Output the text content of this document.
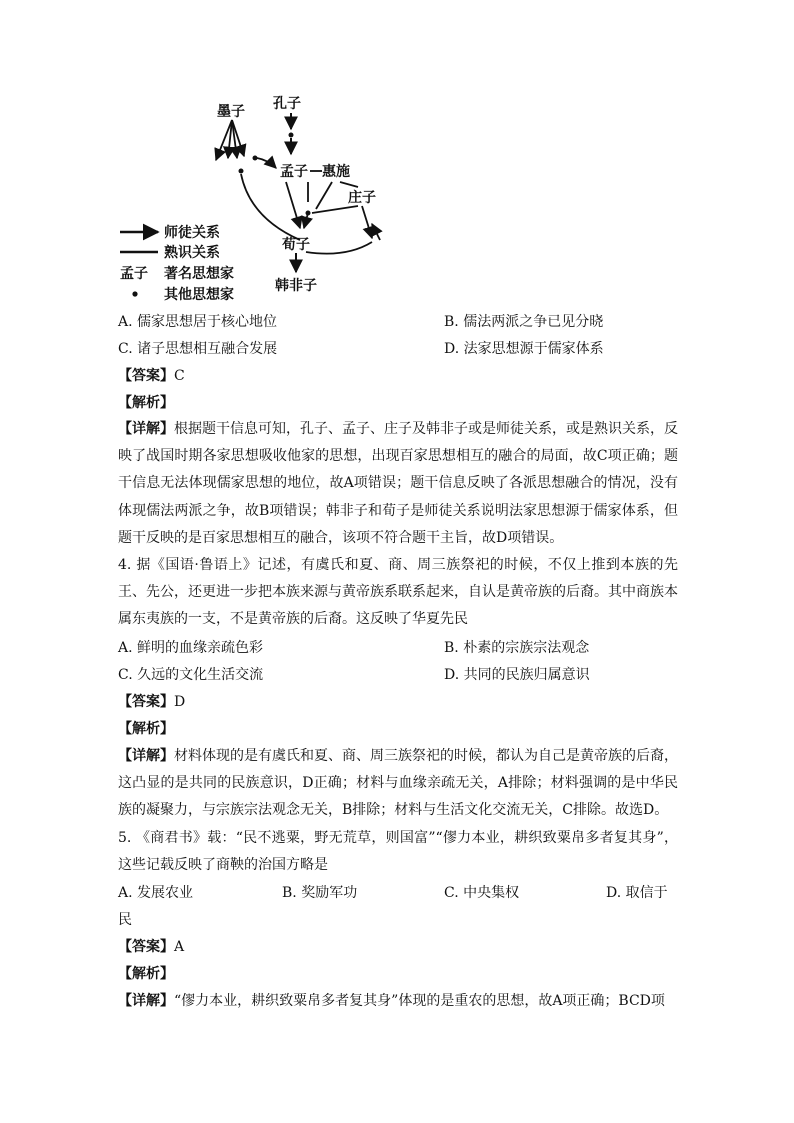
墨子 孔子
孟子 惠施
庄子
荀子
韩非子
师徒关系
熟识关系
孟子 著名思想家
其他思想家
A. 儒家思想居于核心地位	B. 儒法两派之争已见分晓
C. 诸子思想相互融合发展	D. 法家思想源于儒家体系
【答案】C
【解析】
【详解】根据题干信息可知，孔子、孟子、庄子及韩非子或是师徒关系，或是熟识关系，反映了战国时期各家思想吸收他家的思想，出现百家思想相互的融合的局面，故C项正确；题干信息无法体现儒家思想的地位，故A项错误；题干信息反映了各派思想融合的情况，没有体现儒法两派之争，故B项错误；韩非子和荀子是师徒关系说明法家思想源于儒家体系，但题干反映的是百家思想相互的融合，该项不符合题干主旨，故D项错误。
4. 据《国语·鲁语上》记述，有虞氏和夏、商、周三族祭祀的时候，不仅上推到本族的先王、先公，还更进一步把本族来源与黄帝族系联系起来，自认是黄帝族的后裔。其中商族本属东夷族的一支，不是黄帝族的后裔。这反映了华夏先民
A. 鲜明的血缘亲疏色彩	B. 朴素的宗族宗法观念
C. 久远的文化生活交流	D. 共同的民族归属意识
【答案】D
【解析】
【详解】材料体现的是有虞氏和夏、商、周三族祭祀的时候，都认为自己是黄帝族的后裔，这凸显的是共同的民族意识，D正确；材料与血缘亲疏无关，A排除；材料强调的是中华民族的凝聚力，与宗族宗法观念无关，B排除；材料与生活文化交流无关，C排除。故选D。
5. 《商君书》载：“民不逃粟，野无荒草，则国富”“僇力本业，耕织致粟帛多者复其身”，这些记载反映了商鞅的治国方略是
A. 发展农业	B. 奖励军功	C. 中央集权	D. 取信于
民
【答案】A
【解析】
【详解】“僇力本业，耕织致粟帛多者复其身”体现的是重农的思想，故A项正确；BCD项
